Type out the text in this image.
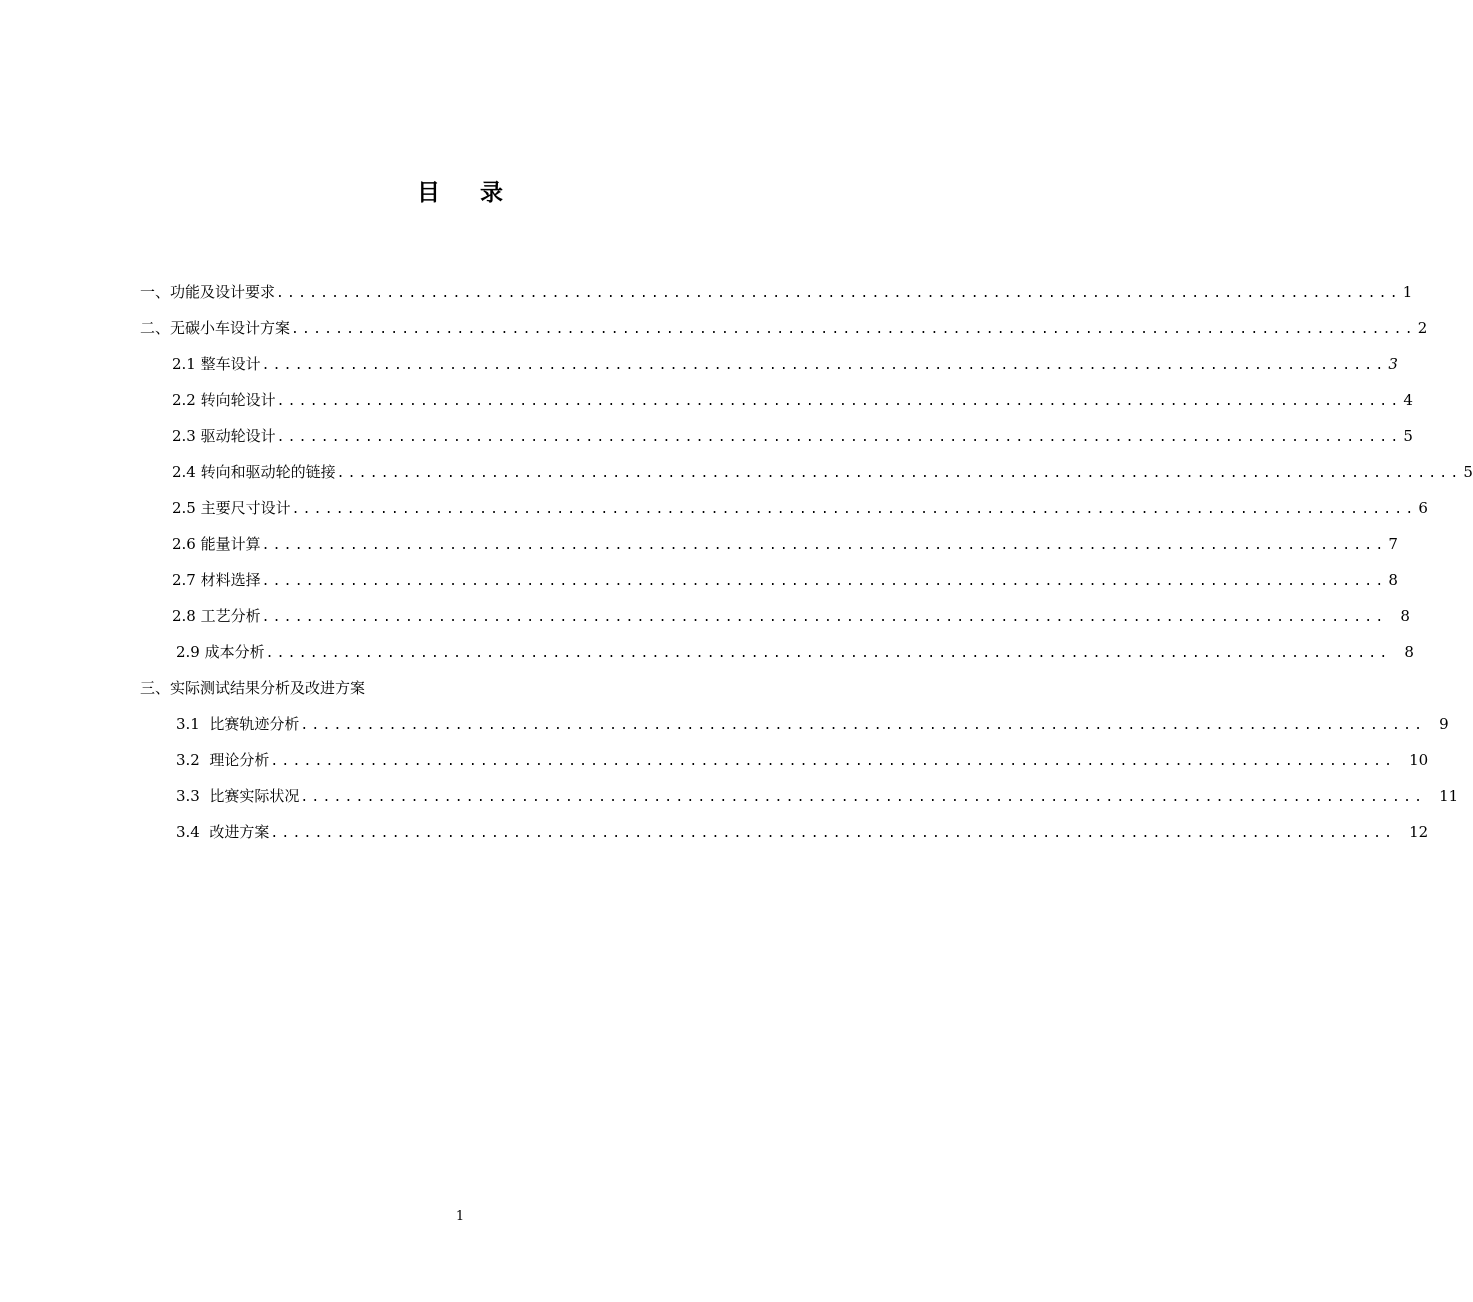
目 录
一、功能及设计要求 ...................................................................................................... 1
二、无碳小车设计方案 ...................................................................................................... 2
2.1 整车设计 ...................................................................................................... 3
2.2 转向轮设计 ...................................................................................................... 4
2.3 驱动轮设计 ...................................................................................................... 5
2.4 转向和驱动轮的链接 ...................................................................................................... 5
2.5 主要尺寸设计 ...................................................................................................... 6
2.6 能量计算 ...................................................................................................... 7
2.7 材料选择 ...................................................................................................... 8
2.8 工艺分析 ...................................................................................................... 8
2.9 成本分析 ...................................................................................................... 8
三、实际测试结果分析及改进方案
3.1  比赛轨迹分析 ...................................................................................................... 9
3.2  理论分析 ...................................................................................................... 10
3.3  比赛实际状况 ...................................................................................................... 11
3.4  改进方案 ...................................................................................................... 12
1
